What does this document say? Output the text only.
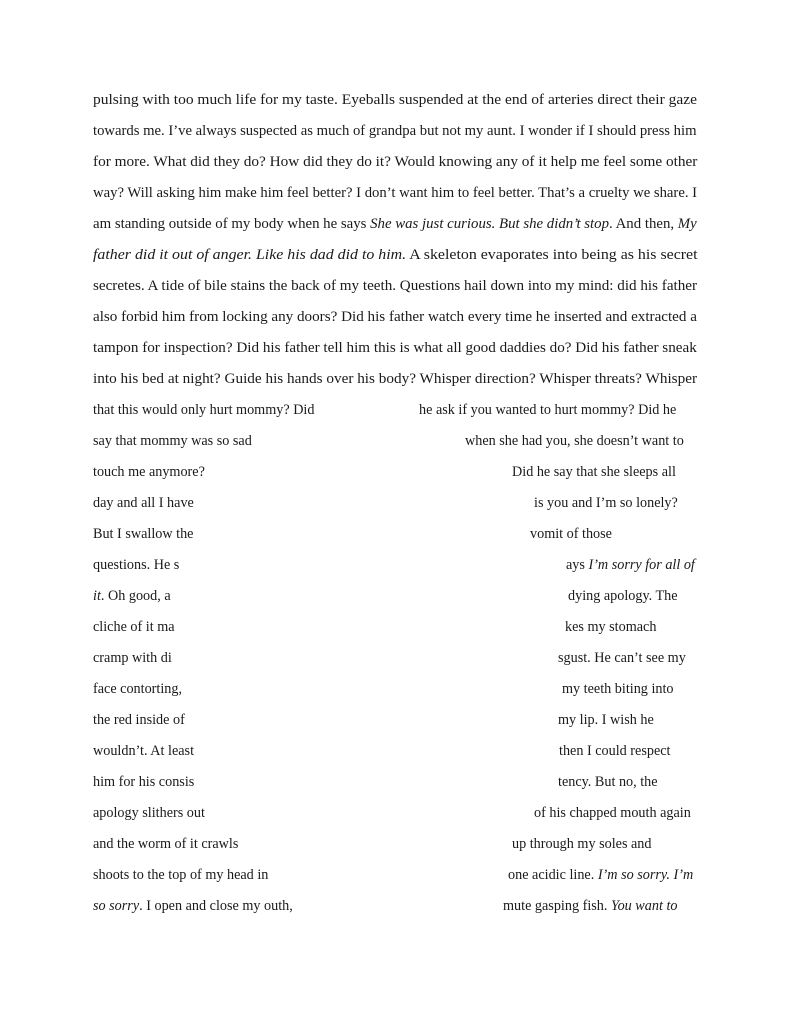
pulsing with too much life for my taste. Eyeballs suspended at the end of arteries direct their gaze
towards me. I’ve always suspected as much of grandpa but not my aunt. I wonder if I should press him
for more. What did they do? How did they do it? Would knowing any of it help me feel some other
way? Will asking him make him feel better? I don’t want him to feel better. That’s a cruelty we share. I
am standing outside of my body when he says She was just curious. But she didn’t stop. And then, My
father did it out of anger. Like his dad did to him. A skeleton evaporates into being as his secret
secretes. A tide of bile stains the back of my teeth. Questions hail down into my mind: did his father
also forbid him from locking any doors? Did his father watch every time he inserted and extracted a
tampon for inspection? Did his father tell him this is what all good daddies do? Did his father sneak
into his bed at night? Guide his hands over his body? Whisper direction? Whisper threats? Whisper
that this would only hurt mommy? Did	he ask if you wanted to hurt mommy? Did he
say that mommy was so sad	when she had you, she doesn’t want to
touch me anymore?	Did he say that she sleeps all
day and all I have	is you and I’m so lonely?
But I swallow the	vomit of those
questions. He s	ays I’m sorry for all of
it. Oh good, a	dying apology. The
cliche of it ma	kes my stomach
cramp with di	sgust. He can’t see my
face contorting,	my teeth biting into
the red inside of	my lip. I wish he
wouldn’t. At least	then I could respect
him for his consis	tency. But no, the
apology slithers out	of his chapped mouth again
and the worm of it crawls	up through my soles and
shoots to the top of my head in	one acidic line. I’m so sorry. I’m
so sorry. I open and close my outh,	mute gasping fish. You want to
